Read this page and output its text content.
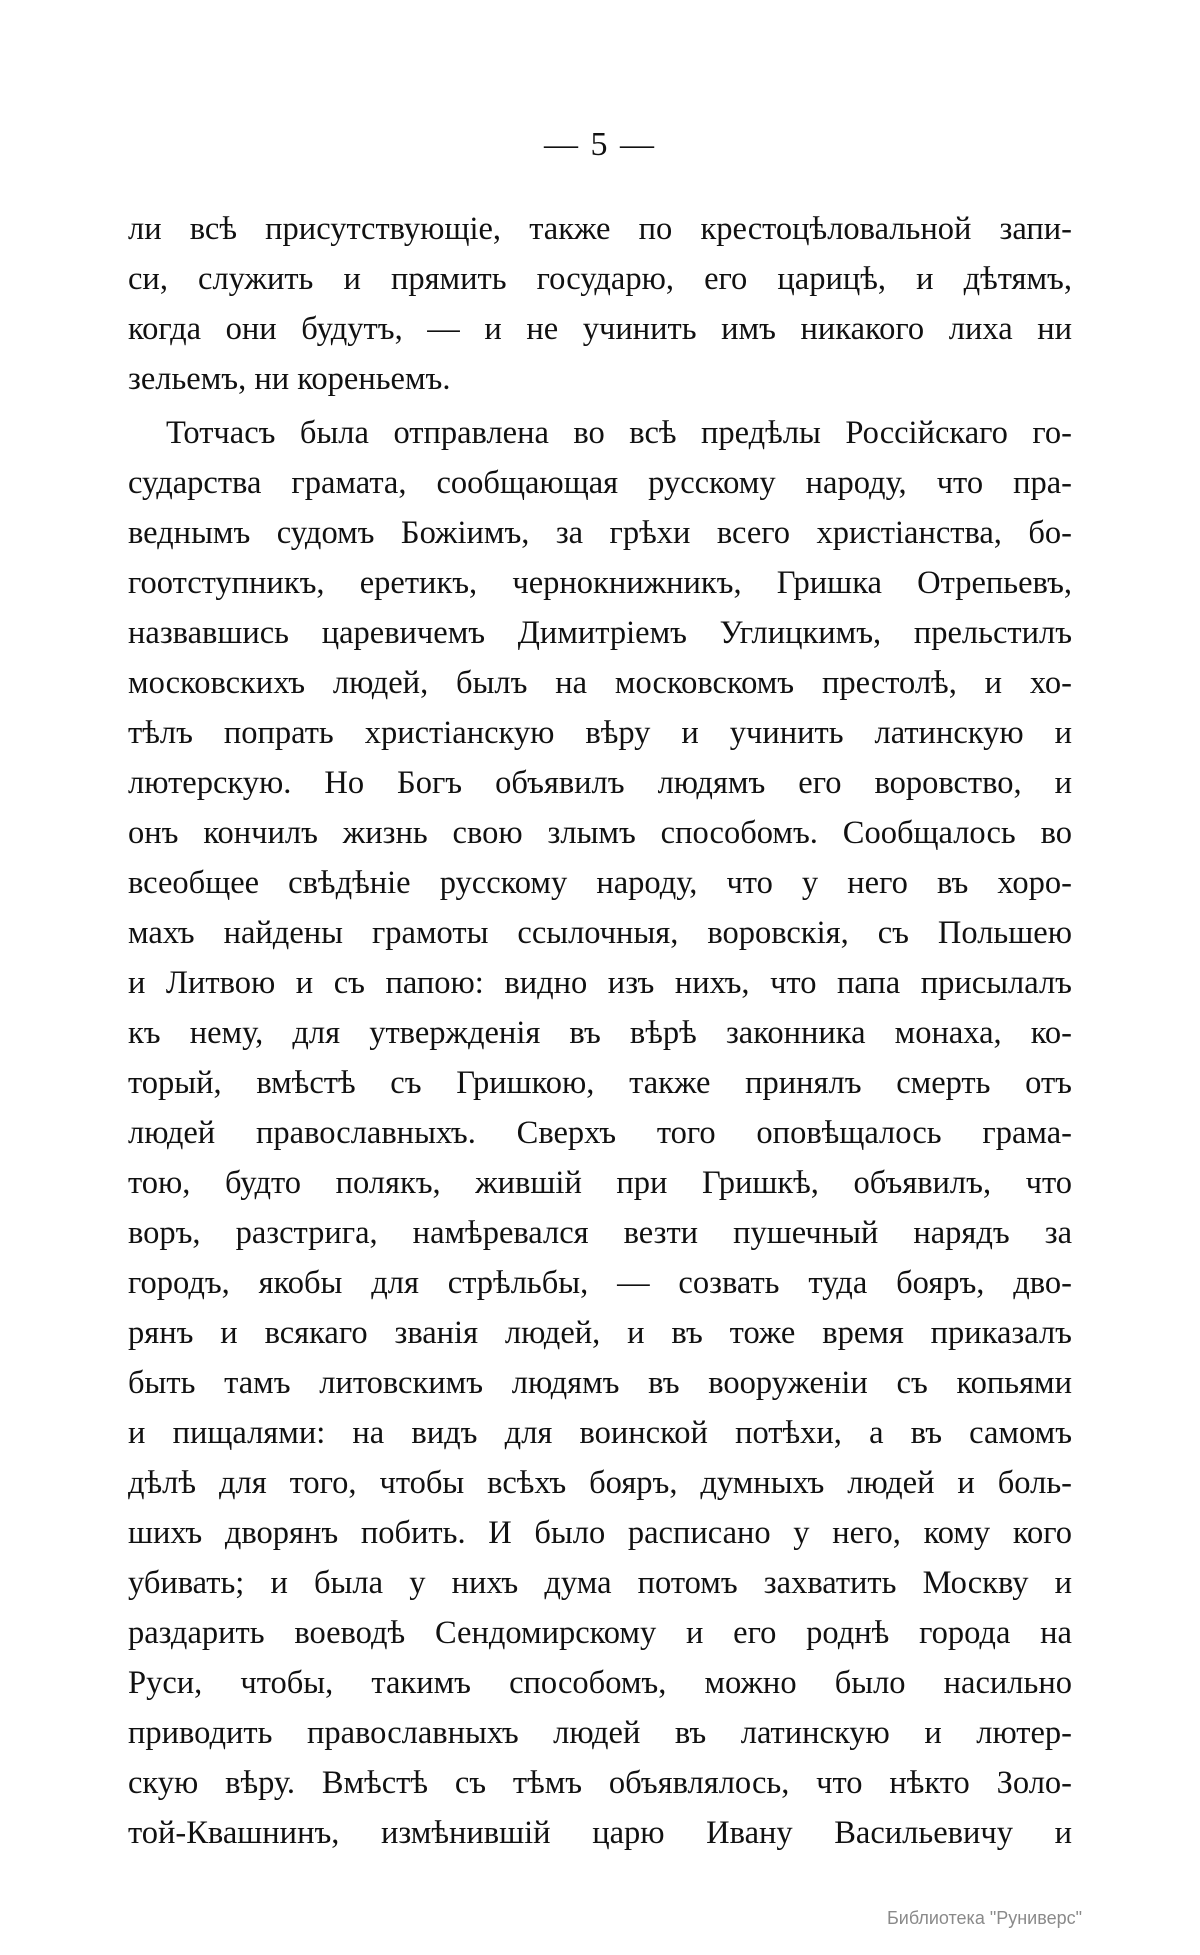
— 5 —
ли всѣ присутствующіе, также по крестоцѣловальной запи-
си, служить и прямить государю, его царицѣ, и дѣтямъ,
когда они будутъ, — и не учинить имъ никакого лиха ни
зельемъ, ни кореньемъ.
Тотчасъ была отправлена во всѣ предѣлы Россійскаго го-
сударства грамата, сообщающая русскому народу, что пра-
веднымъ судомъ Божіимъ, за грѣхи всего христіанства, бо-
гоотступникъ, еретикъ, чернокнижникъ, Гришка Отрепьевъ,
назвавшись царевичемъ Димитріемъ Углицкимъ, прельстилъ
московскихъ людей, былъ на московскомъ престолѣ, и хо-
тѣлъ попрать христіанскую вѣру и учинить латинскую и
лютерскую. Но Богъ объявилъ людямъ его воровство, и
онъ кончилъ жизнь свою злымъ способомъ. Сообщалось во
всеобщее свѣдѣніе русскому народу, что у него въ хоро-
махъ найдены грамоты ссылочныя, воровскія, съ Польшею
и Литвою и съ папою: видно изъ нихъ, что папа присылалъ
къ нему, для утвержденія въ вѣрѣ законника монаха, ко-
торый, вмѣстѣ съ Гришкою, также принялъ смерть отъ
людей православныхъ. Сверхъ того оповѣщалось грама-
тою, будто полякъ, жившій при Гришкѣ, объявилъ, что
воръ, разстрига, намѣревался везти пушечный нарядъ за
городъ, якобы для стрѣльбы, — созвать туда бояръ, дво-
рянъ и всякаго званія людей, и въ тоже время приказалъ
быть тамъ литовскимъ людямъ въ вооруженіи съ копьями
и пищалями: на видъ для воинской потѣхи, а въ самомъ
дѣлѣ для того, чтобы всѣхъ бояръ, думныхъ людей и боль-
шихъ дворянъ побить. И было расписано у него, кому кого
убивать; и была у нихъ дума потомъ захватить Москву и
раздарить воеводѣ Сендомирскому и его роднѣ города на
Руси, чтобы, такимъ способомъ, можно было насильно
приводить православныхъ людей въ латинскую и лютер-
скую вѣру. Вмѣстѣ съ тѣмъ объявлялось, что нѣкто Золо-
той-Квашнинъ, измѣнившій царю Ивану Васильевичу и
Библиотека "Руниверс"
